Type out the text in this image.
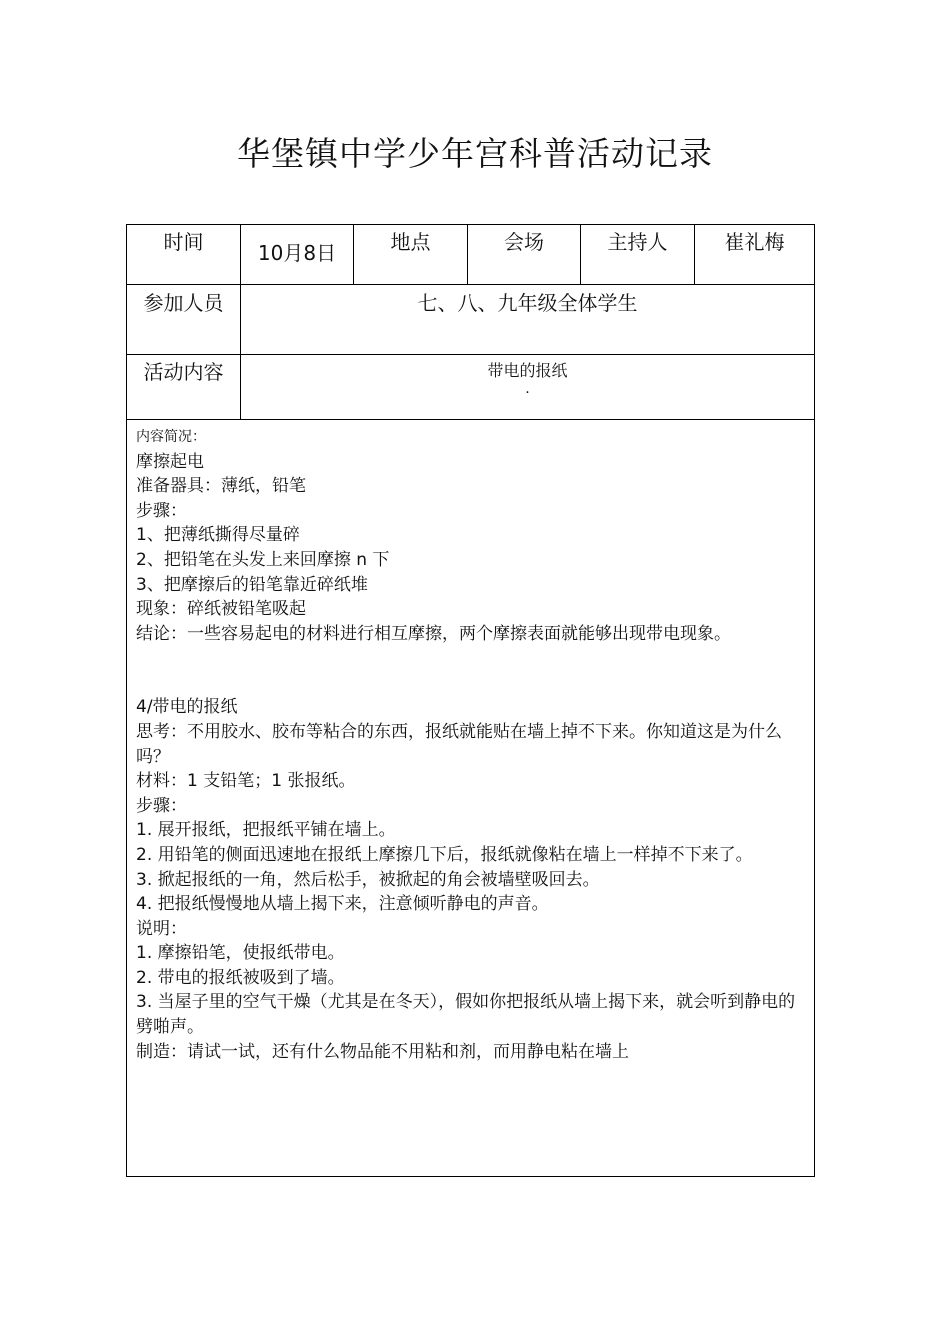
华堡镇中学少年宫科普活动记录
时间	10月8日	地点	会场	主持人	崔礼梅
参加人员	七、八、九年级全体学生
活动内容	带电的报纸
.

内容简况：

摩擦起电

准备器具：薄纸，铅笔

步骤：

1、把薄纸撕得尽量碎

2、把铅笔在头发上来回摩擦 n 下

3、把摩擦后的铅笔靠近碎纸堆

现象：碎纸被铅笔吸起

结论：一些容易起电的材料进行相互摩擦，两个摩擦表面就能够出现带电现象。

4/带电的报纸

思考：不用胶水、胶布等粘合的东西，报纸就能贴在墙上掉不下来。你知道这是为什么吗？

材料：1 支铅笔；1 张报纸。

步骤：

1. 展开报纸，把报纸平铺在墙上。

2. 用铅笔的侧面迅速地在报纸上摩擦几下后，报纸就像粘在墙上一样掉不下来了。

3. 掀起报纸的一角，然后松手，被掀起的角会被墙壁吸回去。

4. 把报纸慢慢地从墙上揭下来，注意倾听静电的声音。

说明：

1. 摩擦铅笔，使报纸带电。

2. 带电的报纸被吸到了墙。

3. 当屋子里的空气干燥（尤其是在冬天），假如你把报纸从墙上揭下来，就会听到静电的劈啪声。

制造：请试一试，还有什么物品能不用粘和剂，而用静电粘在墙上
